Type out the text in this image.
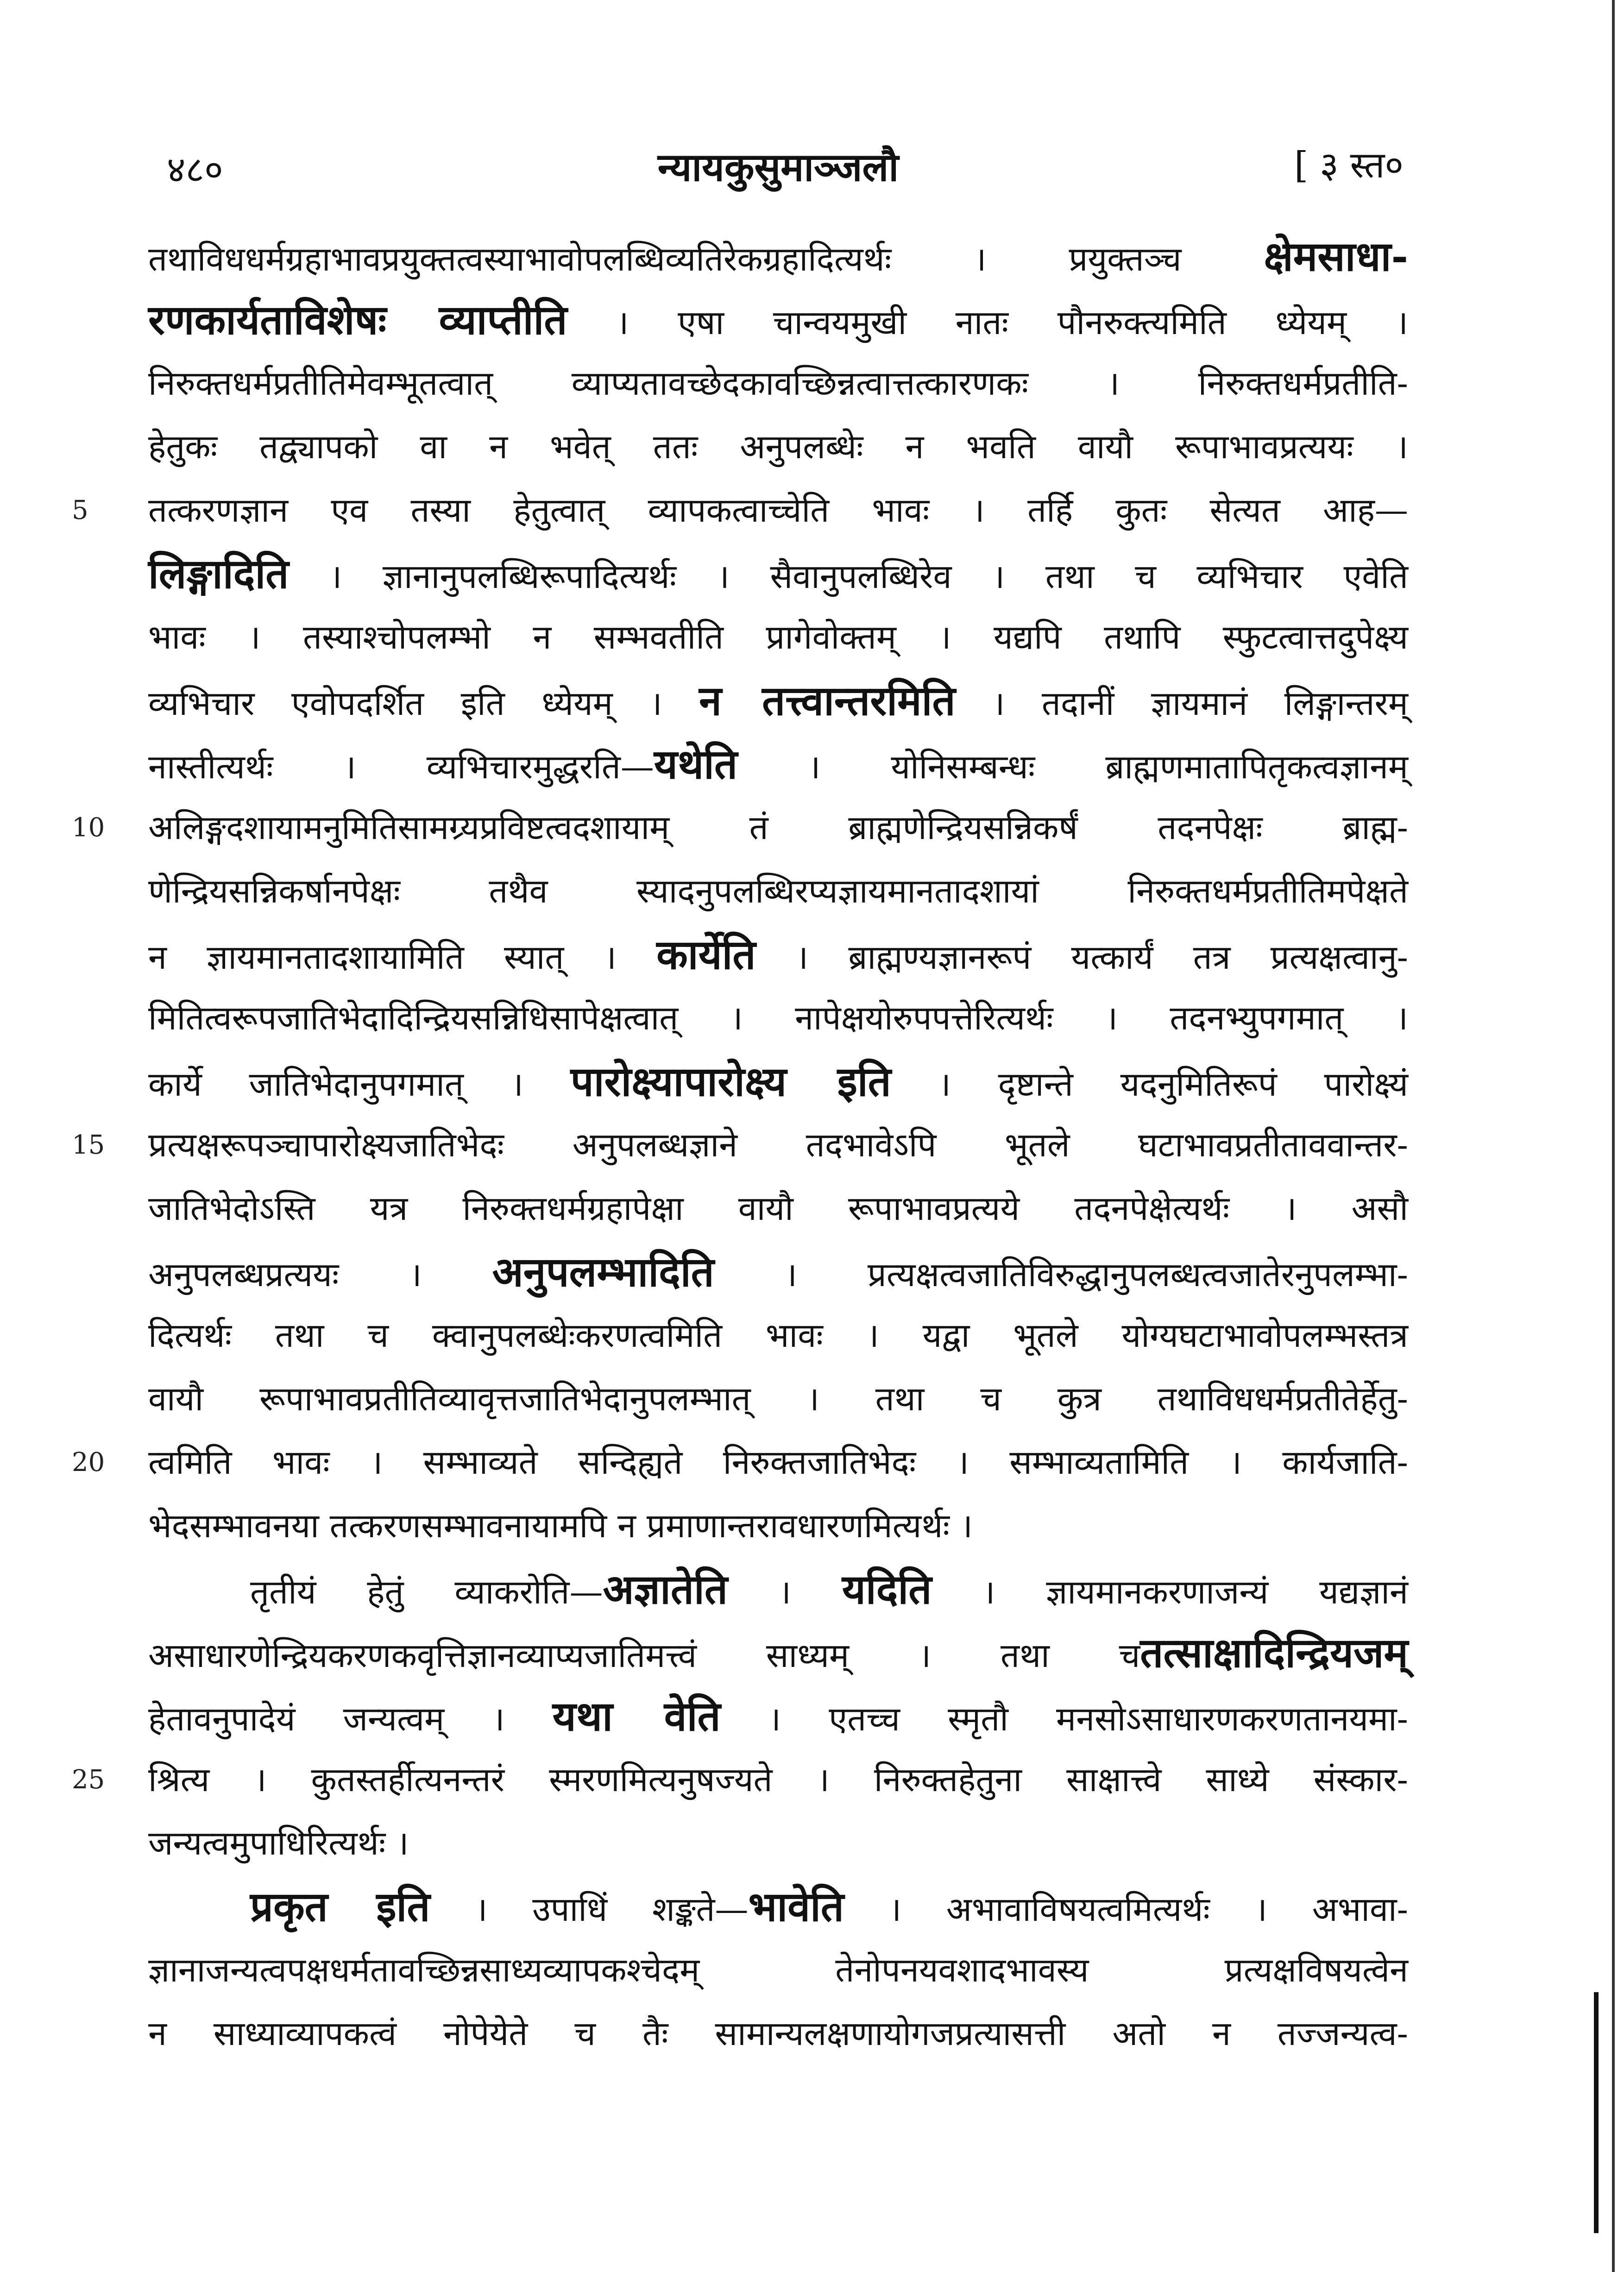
४८०	न्यायकुसुमाञ्जलौ	[ ३ स्त०
तथाविधधर्मग्रहाभावप्रयुक्तत्वस्याभावोपलब्धिव्यतिरेकग्रहादित्यर्थः । प्रयुक्तञ्च क्षेमसाधा-
रणकार्यताविशेषः व्याप्तीति । एषा चान्वयमुखी नातः पौनरुक्त्यमिति ध्येयम् ।
निरुक्तधर्मप्रतीतिमेवम्भूतत्वात् व्याप्यतावच्छेदकावच्छिन्नत्वात्तत्कारणकः । निरुक्तधर्मप्रतीति-
हेतुकः तद्व्यापको वा न भवेत् ततः अनुपलब्धेः न भवति वायौ रूपाभावप्रत्ययः ।
5	तत्करणज्ञान एव तस्या हेतुत्वात् व्यापकत्वाच्चेति भावः । तर्हि कुतः सेत्यत आह—
लिङ्गादिति । ज्ञानानुपलब्धिरूपादित्यर्थः । सैवानुपलब्धिरेव । तथा च व्यभिचार एवेति
भावः । तस्याश्चोपलम्भो न सम्भवतीति प्रागेवोक्तम् । यद्यपि तथापि स्फुटत्वात्तदुपेक्ष्य
व्यभिचार एवोपदर्शित इति ध्येयम् । न तत्त्वान्तरमिति । तदानीं ज्ञायमानं लिङ्गान्तरम्
नास्तीत्यर्थः । व्यभिचारमुद्धरति—यथेति । योनिसम्बन्धः ब्राह्मणमातापितृकत्वज्ञानम्
10 अलिङ्गदशायामनुमितिसामग्र्यप्रविष्टत्वदशायाम् तं ब्राह्मणेन्द्रियसन्निकर्षं तदनपेक्षः ब्राह्म-
णेन्द्रियसन्निकर्षानपेक्षः तथैव स्यादनुपलब्धिरप्यज्ञायमानतादशायां निरुक्तधर्मप्रतीतिमपेक्षते
न ज्ञायमानतादशायामिति स्यात् । कार्येति । ब्राह्मण्यज्ञानरूपं यत्कार्यं तत्र प्रत्यक्षत्वानु-
मितित्वरूपजातिभेदादिन्द्रियसन्निधिसापेक्षत्वात् । नापेक्षयोरुपपत्तेरित्यर्थः । तदनभ्युपगमात् ।
कार्ये जातिभेदानुपगमात् । पारोक्ष्यापारोक्ष्य इति । दृष्टान्ते यदनुमितिरूपं पारोक्ष्यं
15 प्रत्यक्षरूपञ्चापारोक्ष्यजातिभेदः अनुपलब्धज्ञाने तदभावेऽपि भूतले घटाभावप्रतीताववान्तर-
जातिभेदोऽस्ति यत्र निरुक्तधर्मग्रहापेक्षा वायौ रूपाभावप्रत्यये तदनपेक्षेत्यर्थः । असौ
अनुपलब्धप्रत्ययः । अनुपलम्भादिति । प्रत्यक्षत्वजातिविरुद्धानुपलब्धत्वजातेरनुपलम्भा-
दित्यर्थः तथा च क्वानुपलब्धेःकरणत्वमिति भावः । यद्वा भूतले योग्यघटाभावोपलम्भस्तत्र
वायौ रूपाभावप्रतीतिव्यावृत्तजातिभेदानुपलम्भात् । तथा च कुत्र तथाविधधर्मप्रतीतेर्हेतु-
20 त्वमिति भावः । सम्भाव्यते सन्दिह्यते निरुक्तजातिभेदः । सम्भाव्यतामिति । कार्यजाति-
भेदसम्भावनया तत्करणसम्भावनायामपि न प्रमाणान्तरावधारणमित्यर्थः ।
तृतीयं हेतुं व्याकरोति—अज्ञातेति । यदिति । ज्ञायमानकरणाजन्यं यद्यज्ञानं
असाधारणेन्द्रियकरणकवृत्तिज्ञानव्याप्यजातिमत्त्वं साध्यम् । तथा चतत्साक्षादिन्द्रियजम्
हेतावनुपादेयं जन्यत्वम् । यथा वेति । एतच्च स्मृतौ मनसोऽसाधारणकरणतानयमा-
25 श्रित्य । कुतस्तर्हीत्यनन्तरं स्मरणमित्यनुषज्यते । निरुक्तहेतुना साक्षात्त्वे साध्ये संस्कार-
जन्यत्वमुपाधिरित्यर्थः ।
प्रकृत इति । उपाधिं शङ्कते—भावेति । अभावाविषयत्वमित्यर्थः । अभावा-
ज्ञानाजन्यत्वपक्षधर्मतावच्छिन्नसाध्यव्यापकश्चेदम् तेनोपनयवशादभावस्य प्रत्यक्षविषयत्वेन
न साध्याव्यापकत्वं नोपेयेते च तैः सामान्यलक्षणायोगजप्रत्यासत्ती अतो न तज्जन्यत्व-
